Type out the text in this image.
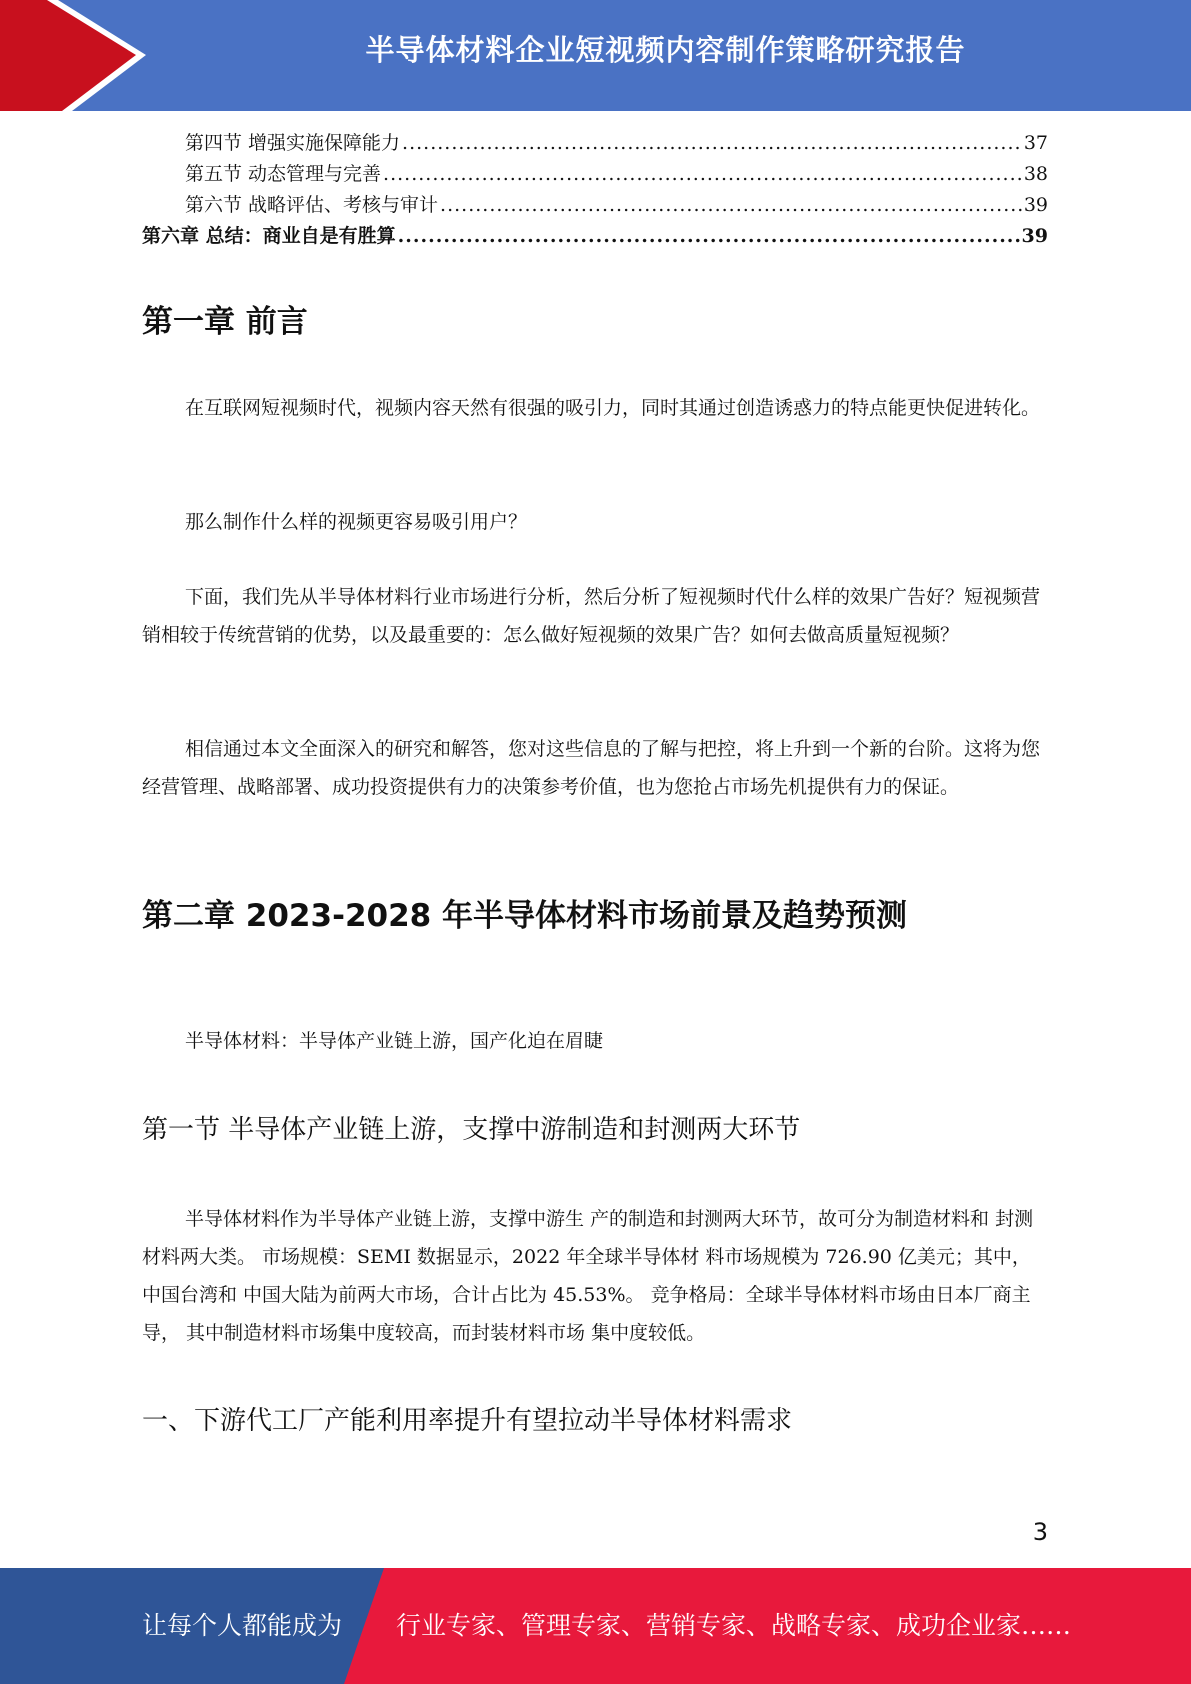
半导体材料企业短视频内容制作策略研究报告
第四节 增强实施保障能力 .....	37
第五节 动态管理与完善 .....	38
第六节 战略评估、考核与审计 .....	39
第六章 总结：商业自是有胜算 .....	39
第一章 前言

在互联网短视频时代，视频内容天然有很强的吸引力，同时其通过创造诱惑力的特点能更快促进转化。

那么制作什么样的视频更容易吸引用户？

下面，我们先从半导体材料行业市场进行分析，然后分析了短视频时代什么样的效果广告好？短视频营销相较于传统营销的优势，以及最重要的：怎么做好短视频的效果广告？如何去做高质量短视频？

相信通过本文全面深入的研究和解答，您对这些信息的了解与把控，将上升到一个新的台阶。这将为您经营管理、战略部署、成功投资提供有力的决策参考价值，也为您抢占市场先机提供有力的保证。

第二章 2023-2028 年半导体材料市场前景及趋势预测

半导体材料：半导体产业链上游，国产化迫在眉睫

第一节 半导体产业链上游，支撑中游制造和封测两大环节

半导体材料作为半导体产业链上游，支撑中游生 产的制造和封测两大环节，故可分为制造材料和 封测材料两大类。 市场规模：SEMI 数据显示，2022 年全球半导体材 料市场规模为 726.90 亿美元；其中，中国台湾和 中国大陆为前两大市场，合计占比为 45.53%。 竞争格局：全球半导体材料市场由日本厂商主导， 其中制造材料市场集中度较高，而封装材料市场 集中度较低。

一、下游代工厂产能利用率提升有望拉动半导体材料需求
3
让每个人都能成为 行业专家、管理专家、营销专家、战略专家、成功企业家……
